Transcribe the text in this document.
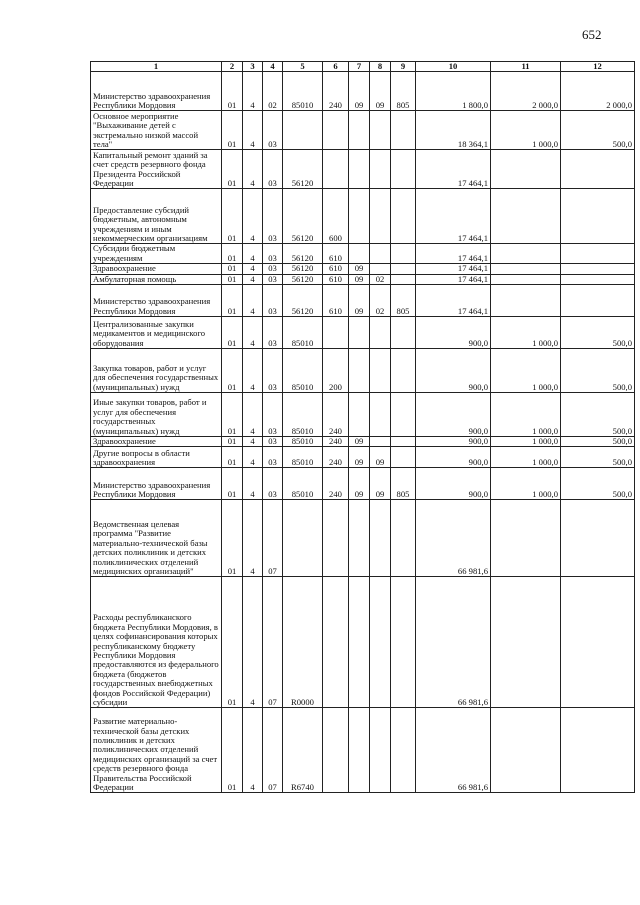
652
1	2	3	4	5	6	7	8	9	10	11	12
Министерство здравоохранения Республики Мордовия	01	4	02	85010	240	09	09	805	1 800,0	2 000,0	2 000,0
Основное мероприятие "Выхаживание детей с экстремально низкой массой тела"	01	4	03						18 364,1	1 000,0	500,0
Капитальный ремонт зданий за счет средств резервного фонда Президента Российской Федерации	01	4	03	56120					17 464,1		
Предоставление субсидий бюджетным, автономным учреждениям и иным некоммерческим организациям	01	4	03	56120	600				17 464,1		
Субсидии бюджетным учреждениям	01	4	03	56120	610				17 464,1		
Здравоохранение	01	4	03	56120	610	09			17 464,1		
Амбулаторная помощь	01	4	03	56120	610	09	02		17 464,1		
Министерство здравоохранения Республики Мордовия	01	4	03	56120	610	09	02	805	17 464,1		
Централизованные закупки медикаментов и медицинского оборудования	01	4	03	85010					900,0	1 000,0	500,0
Закупка товаров, работ и услуг для обеспечения государственных (муниципальных) нужд	01	4	03	85010	200				900,0	1 000,0	500,0
Иные закупки товаров, работ и услуг для обеспечения государственных (муниципальных) нужд	01	4	03	85010	240				900,0	1 000,0	500,0
Здравоохранение	01	4	03	85010	240	09			900,0	1 000,0	500,0
Другие вопросы в области здравоохранения	01	4	03	85010	240	09	09		900,0	1 000,0	500,0
Министерство здравоохранения Республики Мордовия	01	4	03	85010	240	09	09	805	900,0	1 000,0	500,0
Ведомственная целевая программа "Развитие материально-технической базы детских поликлиник и детских поликлинических отделений медицинских организаций"	01	4	07						66 981,6		
Расходы республиканского бюджета Республики Мордовия, в целях софинансирования которых республиканскому бюджету Республики Мордовия предоставляются из федерального бюджета (бюджетов государственных внебюджетных фондов Российской Федерации) субсидии	01	4	07	R0000					66 981,6		
Развитие материально-технической базы детских поликлиник и детских поликлинических отделений медицинских организаций за счет средств резервного фонда Правительства Российской Федерации	01	4	07	R6740					66 981,6		
